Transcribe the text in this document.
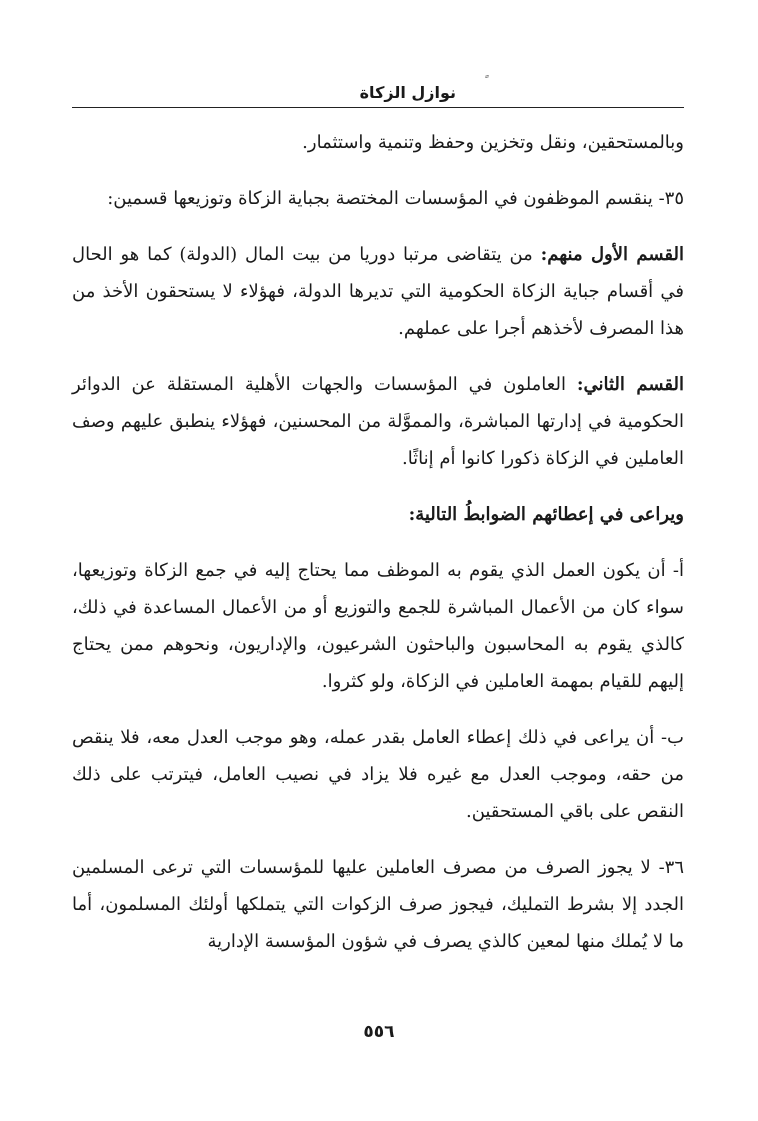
نوازل الزكاة

وبالمستحقين، ونقل وتخزين وحفظ وتنمية واستثمار.

٣٥- ينقسم الموظفون في المؤسسات المختصة بجباية الزكاة وتوزيعها قسمين:

القسم الأول منهم: من يتقاضى مرتبا دوريا من بيت المال (الدولة) كما هو الحال في أقسام جباية الزكاة الحكومية التي تديرها الدولة، فهؤلاء لا يستحقون الأخذ من هذا المصرف لأخذهم أجرا على عملهم.

القسم الثاني: العاملون في المؤسسات والجهات الأهلية المستقلة عن الدوائر الحكومية في إدارتها المباشرة، والمموَّلة من المحسنين، فهؤلاء ينطبق عليهم وصف العاملين في الزكاة ذكورا كانوا أم إناثًا.

ويراعى في إعطائهم الضوابطُ التالية:

أ- أن يكون العمل الذي يقوم به الموظف مما يحتاج إليه في جمع الزكاة وتوزيعها، سواء كان من الأعمال المباشرة للجمع والتوزيع أو من الأعمال المساعدة في ذلك، كالذي يقوم به المحاسبون والباحثون الشرعيون، والإداريون، ونحوهم ممن يحتاج إليهم للقيام بمهمة العاملين في الزكاة، ولو كثروا.

ب- أن يراعى في ذلك إعطاء العامل بقدر عمله، وهو موجب العدل معه، فلا ينقص من حقه، وموجب العدل مع غيره فلا يزاد في نصيب العامل، فيترتب على ذلك النقص على باقي المستحقين.

٣٦- لا يجوز الصرف من مصرف العاملين عليها للمؤسسات التي ترعى المسلمين الجدد إلا بشرط التمليك، فيجوز صرف الزكوات التي يتملكها أولئك المسلمون، أما ما لا يُملك منها لمعين كالذي يصرف في شؤون المؤسسة الإدارية

٥٥٦
